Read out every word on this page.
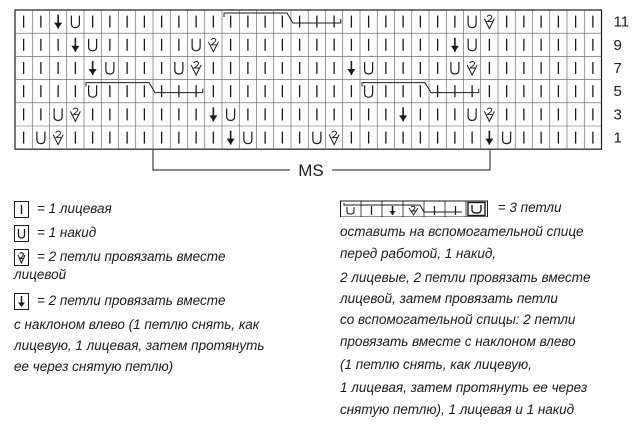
11
9
7
5
3
1
MS
= 1 лицевая
= 1 накид
= 2 петли провязать вместе
лицевой
= 2 петли провязать вместе
с наклоном влево (1 петлю снять, как
лицевую, 1 лицевая, затем протянуть
ее через снятую петлю)
= 3 петли
оставить на вспомогательной спице
перед работой, 1 накид,
2 лицевые, 2 петли провязать вместе
лицевой, затем провязать петли
со вспомогательной спицы: 2 петли
провязать вместе с наклоном влево
(1 петлю снять, как лицевую,
1 лицевая, затем протянуть ее через
снятую петлю), 1 лицевая и 1 накид
